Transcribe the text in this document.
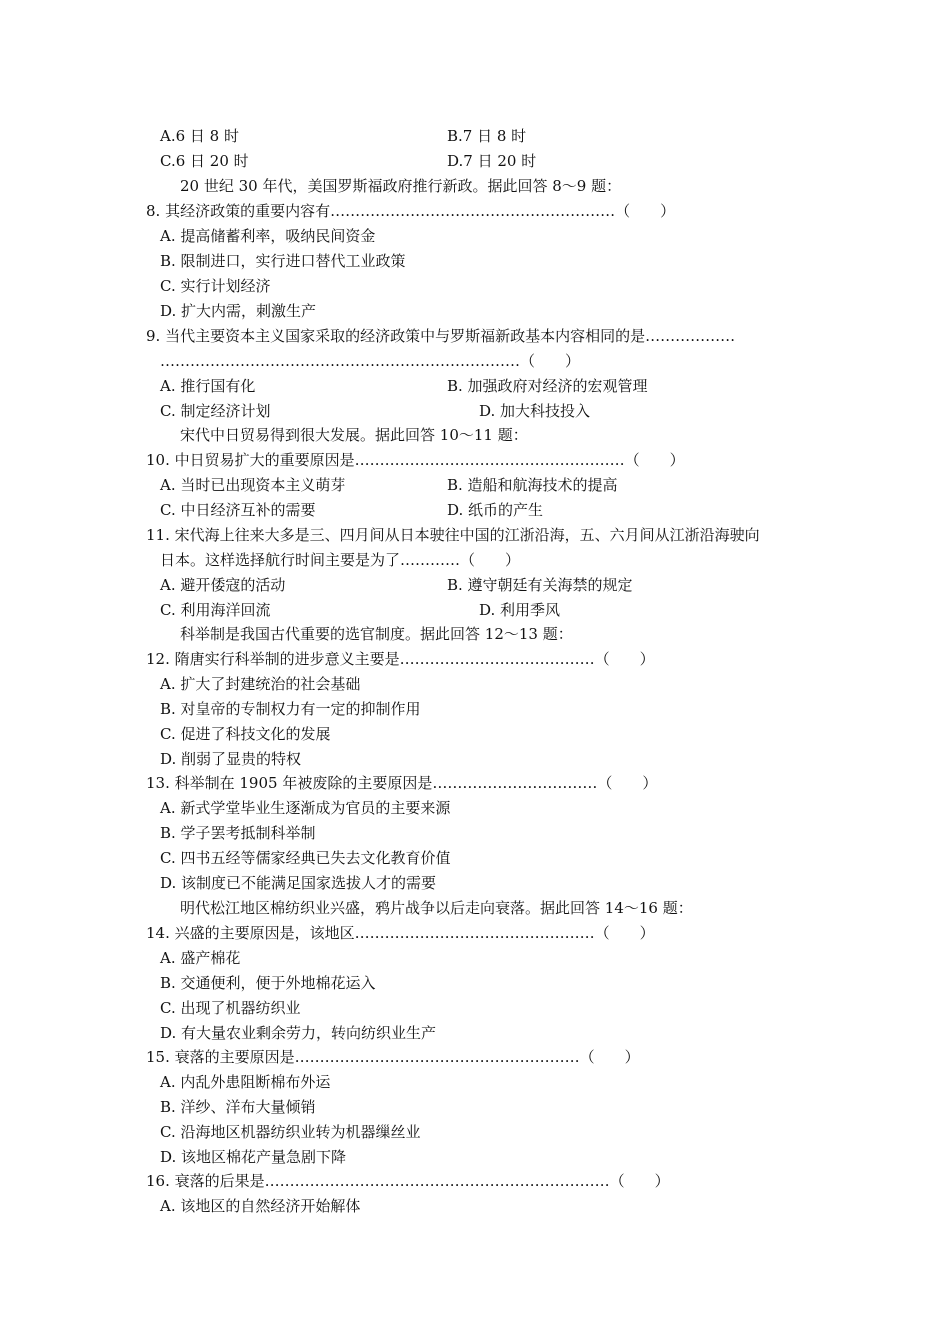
A.6 日 8 时	B.7 日 8 时
C.6 日 20 时	D.7 日 20 时
20 世纪 30 年代，美国罗斯福政府推行新政。据此回答 8～9 题：
8. 其经济政策的重要内容有…………………………………………………（　　）
A. 提高储蓄利率，吸纳民间资金
B. 限制进口，实行进口替代工业政策
C. 实行计划经济
D. 扩大内需，刺激生产
9. 当代主要资本主义国家采取的经济政策中与罗斯福新政基本内容相同的是………………
………………………………………………………………（　　）
A. 推行国有化	B. 加强政府对经济的宏观管理
C. 制定经济计划	D. 加大科技投入
宋代中日贸易得到很大发展。据此回答 10～11 题：
10. 中日贸易扩大的重要原因是………………………………………………（　　）
A. 当时已出现资本主义萌芽	B. 造船和航海技术的提高
C. 中日经济互补的需要	D. 纸币的产生
11. 宋代海上往来大多是三、四月间从日本驶往中国的江浙沿海，五、六月间从江浙沿海驶向
日本。这样选择航行时间主要是为了…………（　　）
A. 避开倭寇的活动	B. 遵守朝廷有关海禁的规定
C. 利用海洋回流	D. 利用季风
科举制是我国古代重要的选官制度。据此回答 12～13 题：
12. 隋唐实行科举制的进步意义主要是…………………………………（　　）
A. 扩大了封建统治的社会基础
B. 对皇帝的专制权力有一定的抑制作用
C. 促进了科技文化的发展
D. 削弱了显贵的特权
13. 科举制在 1905 年被废除的主要原因是……………………………（　　）
A. 新式学堂毕业生逐渐成为官员的主要来源
B. 学子罢考抵制科举制
C. 四书五经等儒家经典已失去文化教育价值
D. 该制度已不能满足国家选拔人才的需要
明代松江地区棉纺织业兴盛，鸦片战争以后走向衰落。据此回答 14～16 题：
14. 兴盛的主要原因是，该地区…………………………………………（　　）
A. 盛产棉花
B. 交通便利，便于外地棉花运入
C. 出现了机器纺织业
D. 有大量农业剩余劳力，转向纺织业生产
15. 衰落的主要原因是…………………………………………………（　　）
A. 内乱外患阻断棉布外运
B. 洋纱、洋布大量倾销
C. 沿海地区机器纺织业转为机器缫丝业
D. 该地区棉花产量急剧下降
16. 衰落的后果是……………………………………………………………（　　）
A. 该地区的自然经济开始解体
